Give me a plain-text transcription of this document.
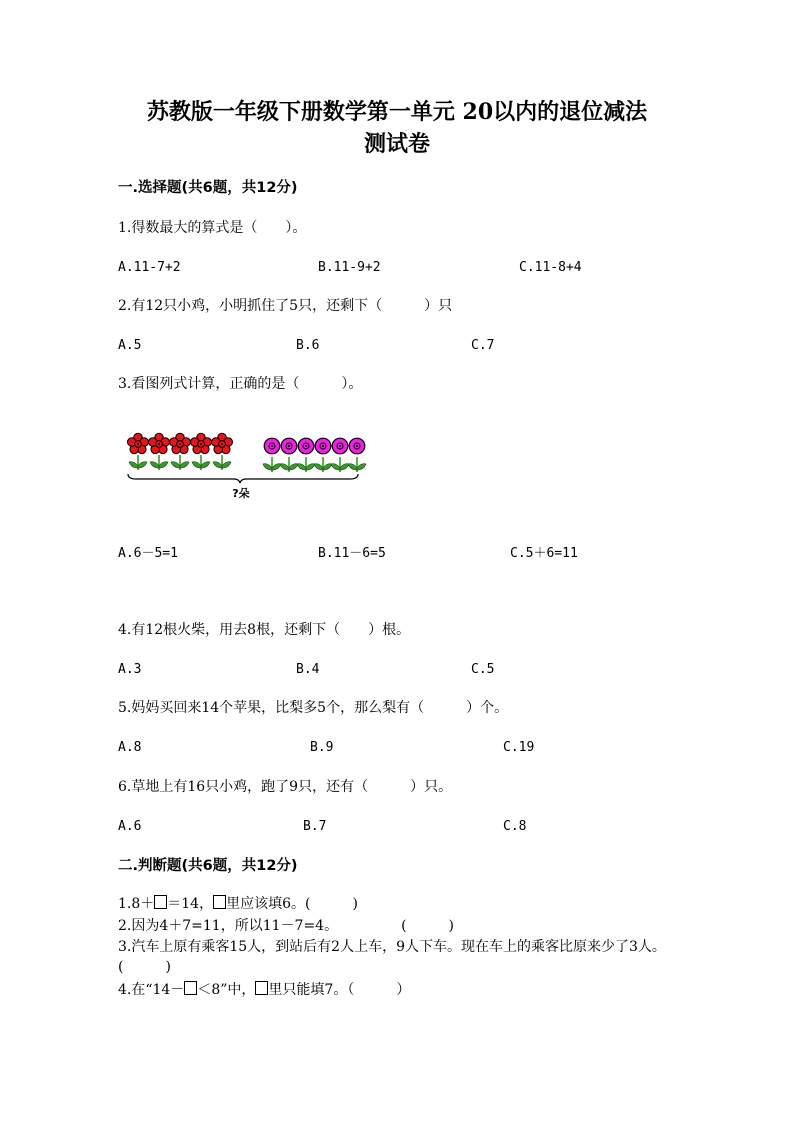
苏教版一年级下册数学第一单元 20以内的退位减法
测试卷
一.选择题(共6题，共12分)
1.得数最大的算式是（　　）。
A.11-7+2	B.11-9+2	C.11-8+4
2.有12只小鸡，小明抓住了5只，还剩下（　　　）只
A.5	B.6	C.7
3.看图列式计算，正确的是（　　　）。
?朵
A.6－5=1	B.11－6=5	C.5＋6=11
4.有12根火柴，用去8根，还剩下（　　）根。
A.3	B.4	C.5
5.妈妈买回来14个苹果，比梨多5个，那么梨有（　　　）个。
A.8	B.9	C.19
6.草地上有16只小鸡，跑了9只，还有（　　　）只。
A.6	B.7	C.8
二.判断题(共6题，共12分)
1.8＋ ＝14， 里应该填6。(　　　)
2.因为4＋7=11，所以11－7=4。　　　　　(　　　)
3.汽车上原有乘客15人，到站后有2人上车，9人下车。现在车上的乘客比原来少了3人。(　　　)
4.在“14－ ＜8”中， 里只能填7。（　　　）
